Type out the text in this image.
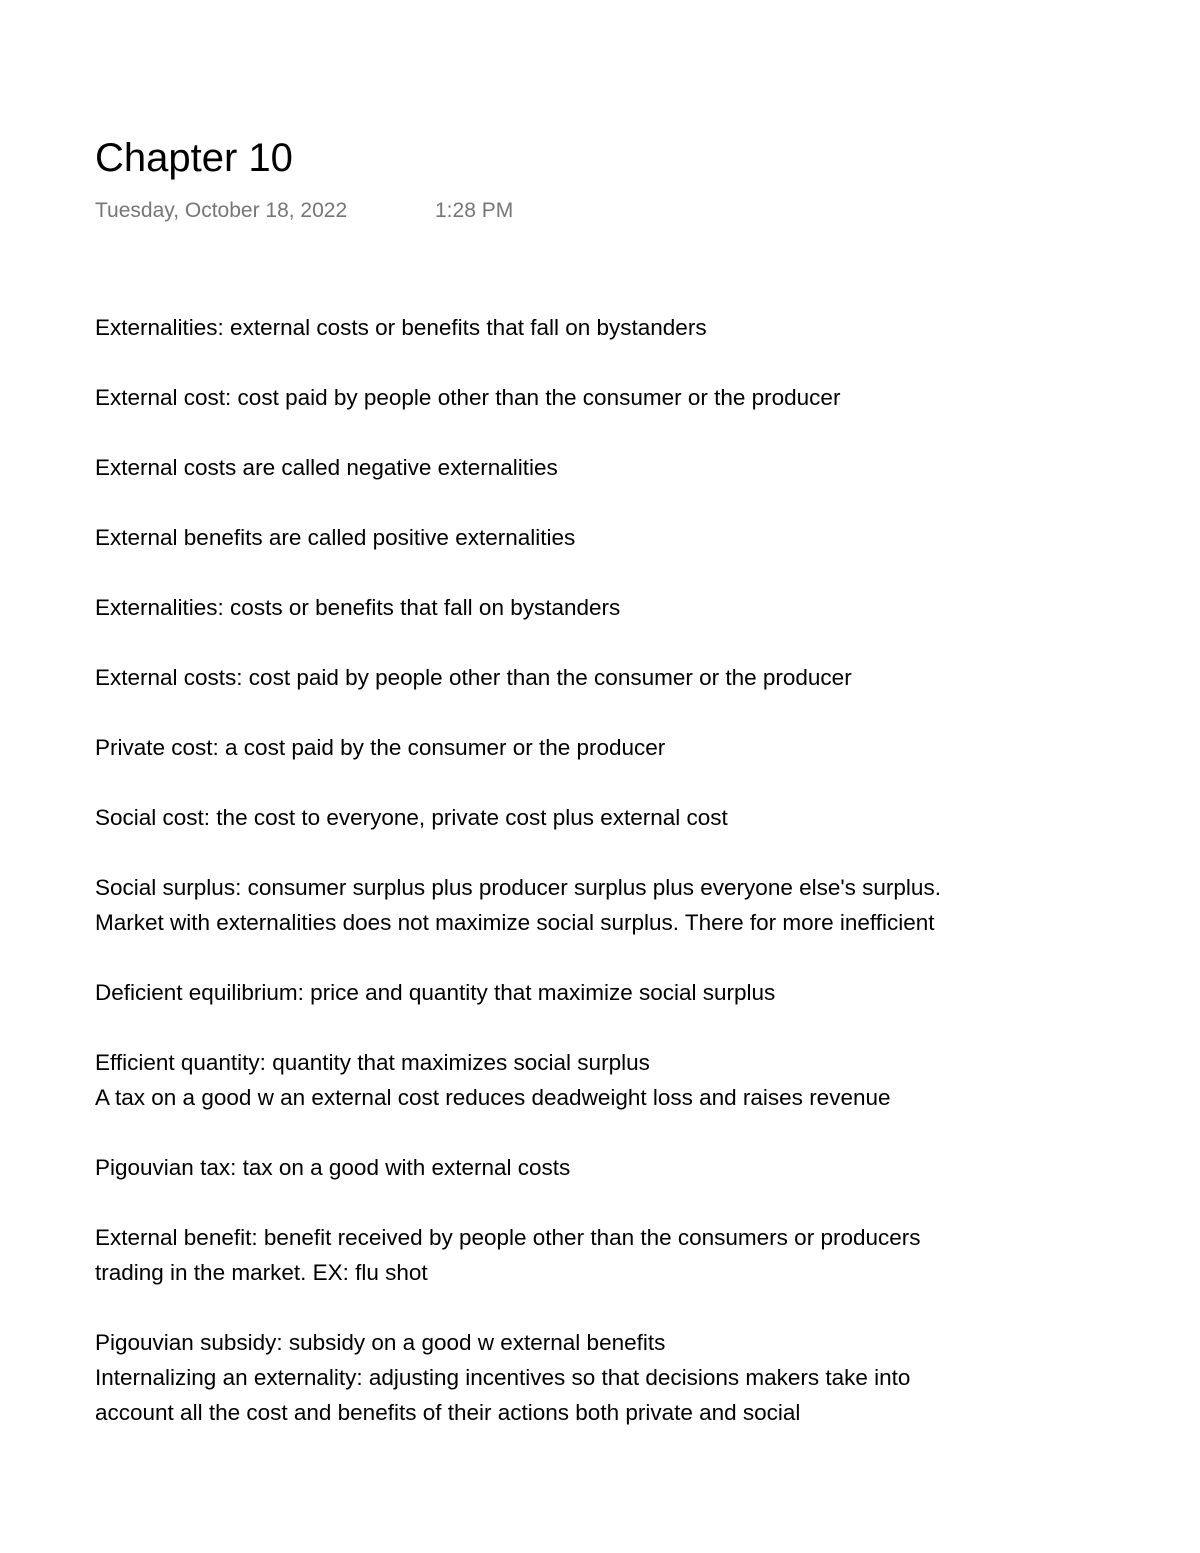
Chapter 10
Tuesday, October 18, 2022	1:28 PM

Externalities: external costs or benefits that fall on bystanders

External cost: cost paid by people other than the consumer or the producer

External costs are called negative externalities

External benefits are called positive externalities

Externalities: costs or benefits that fall on bystanders

External costs: cost paid by people other than the consumer or the producer

Private cost: a cost paid by the consumer or the producer

Social cost: the cost to everyone, private cost plus external cost

Social surplus: consumer surplus plus producer surplus plus everyone else's surplus.
Market with externalities does not maximize social surplus. There for more inefficient

Deficient equilibrium: price and quantity that maximize social surplus

Efficient quantity: quantity that maximizes social surplus
A tax on a good w an external cost reduces deadweight loss and raises revenue

Pigouvian tax: tax on a good with external costs

External benefit: benefit received by people other than the consumers or producers
trading in the market. EX: flu shot

Pigouvian subsidy: subsidy on a good w external benefits
Internalizing an externality: adjusting incentives so that decisions makers take into
account all the cost and benefits of their actions both private and social
